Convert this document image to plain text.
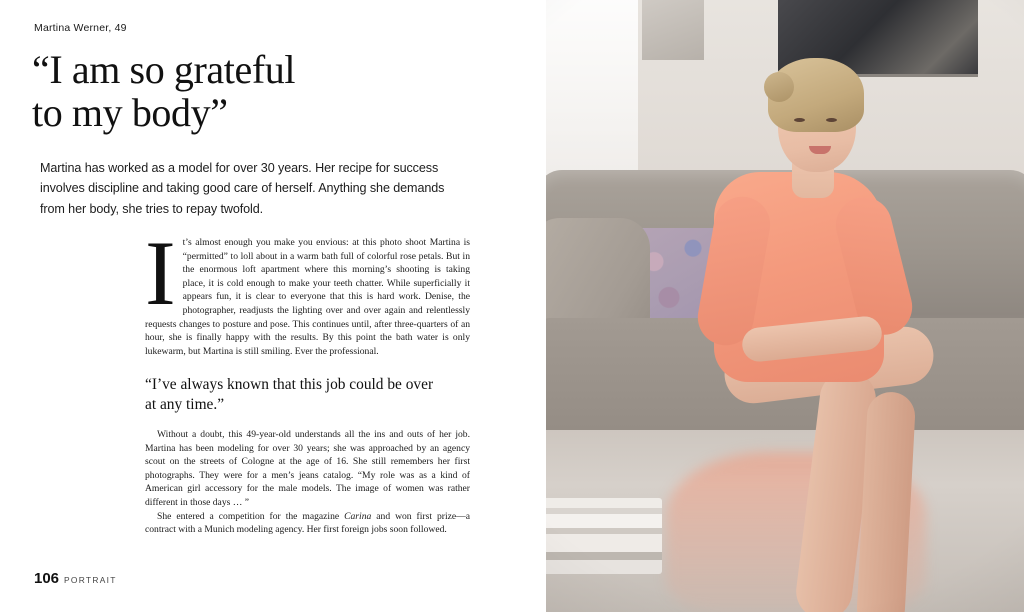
Martina Werner, 49
“I am so grateful
to my body”
Martina has worked as a model for over 30 years. Her recipe for success involves discipline and taking good care of herself. Anything she demands from her body, she tries to repay twofold.
I t’s almost enough you make you envious: at this photo shoot Martina is “permitted” to loll about in a warm bath full of colorful rose petals. But in the enormous loft apartment where this morning’s shooting is taking place, it is cold enough to make your teeth chatter. While superficially it appears fun, it is clear to everyone that this is hard work. Denise, the photographer, readjusts the lighting over and over again and relentlessly requests changes to posture and pose. This continues until, after three-quarters of an hour, she is finally happy with the results. By this point the bath water is only lukewarm, but Martina is still smiling. Ever the professional.

“I’ve always known that this job could be over
at any time.”

Without a doubt, this 49-year-old understands all the ins and outs of her job. Martina has been modeling for over 30 years; she was approached by an agency scout on the streets of Cologne at the age of 16. She still remembers her first photographs. They were for a men’s jeans catalog. “My role was as a kind of American girl accessory for the male models. The image of women was rather different in those days … ”

She entered a competition for the magazine Carina and won first prize—a contract with a Munich modeling agency. Her first foreign jobs soon followed.

106 PORTRAIT
